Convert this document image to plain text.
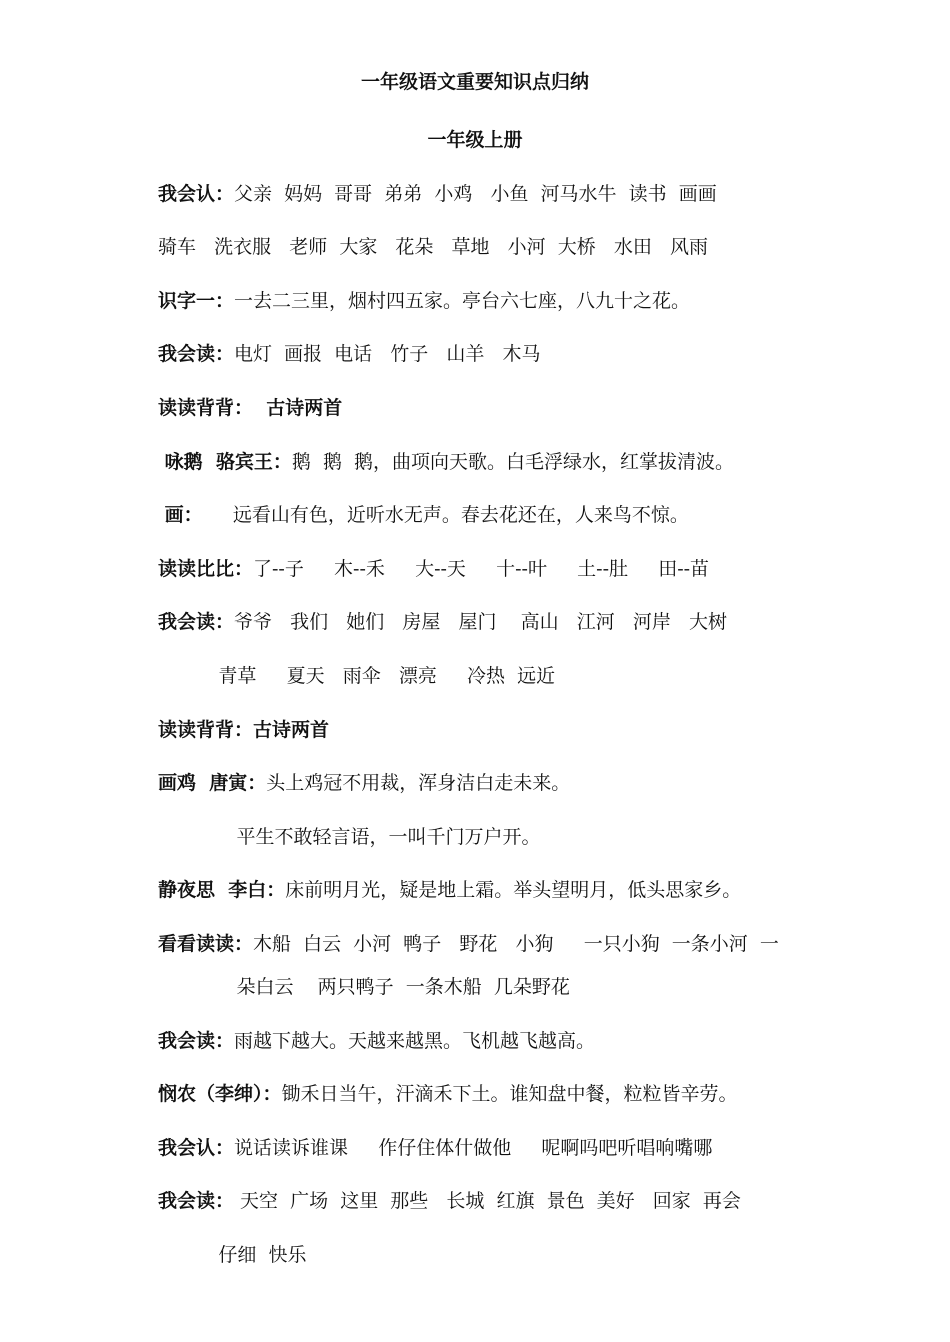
一年级语文重要知识点归纳
一年级上册
我会认：父亲  妈妈  哥哥  弟弟  小鸡   小鱼  河马水牛  读书  画画
骑车   洗衣服   老师  大家   花朵   草地   小河  大桥   水田   风雨
识字一：一去二三里，烟村四五家。亭台六七座，八九十之花。
我会读：电灯  画报  电话   竹子   山羊   木马
读读背背：  古诗两首
咏鹅  骆宾王：鹅  鹅  鹅，曲项向天歌。白毛浮绿水，红掌拔清波。
画：     远看山有色，近听水无声。春去花还在，人来鸟不惊。
读读比比：了--子     木--禾     大--天     十--叶     土--肚     田--苗
我会读：爷爷   我们   她们   房屋   屋门    高山   江河   河岸   大树
青草     夏天   雨伞   漂亮     冷热  远近
读读背背：古诗两首
画鸡  唐寅：头上鸡冠不用裁，浑身洁白走未来。
平生不敢轻言语，一叫千门万户开。
静夜思  李白：床前明月光，疑是地上霜。举头望明月，低头思家乡。
看看读读：木船  白云  小河  鸭子   野花   小狗     一只小狗  一条小河  一
朵白云    两只鸭子  一条木船  几朵野花
我会读：雨越下越大。天越来越黑。飞机越飞越高。
悯农（李绅）：锄禾日当午，汗滴禾下土。谁知盘中餐，粒粒皆辛劳。
我会认：说话读诉谁课     作仔住体什做他     呢啊吗吧听唱响嘴哪
我会读： 天空  广场  这里  那些   长城  红旗  景色  美好   回家  再会
仔细  快乐
